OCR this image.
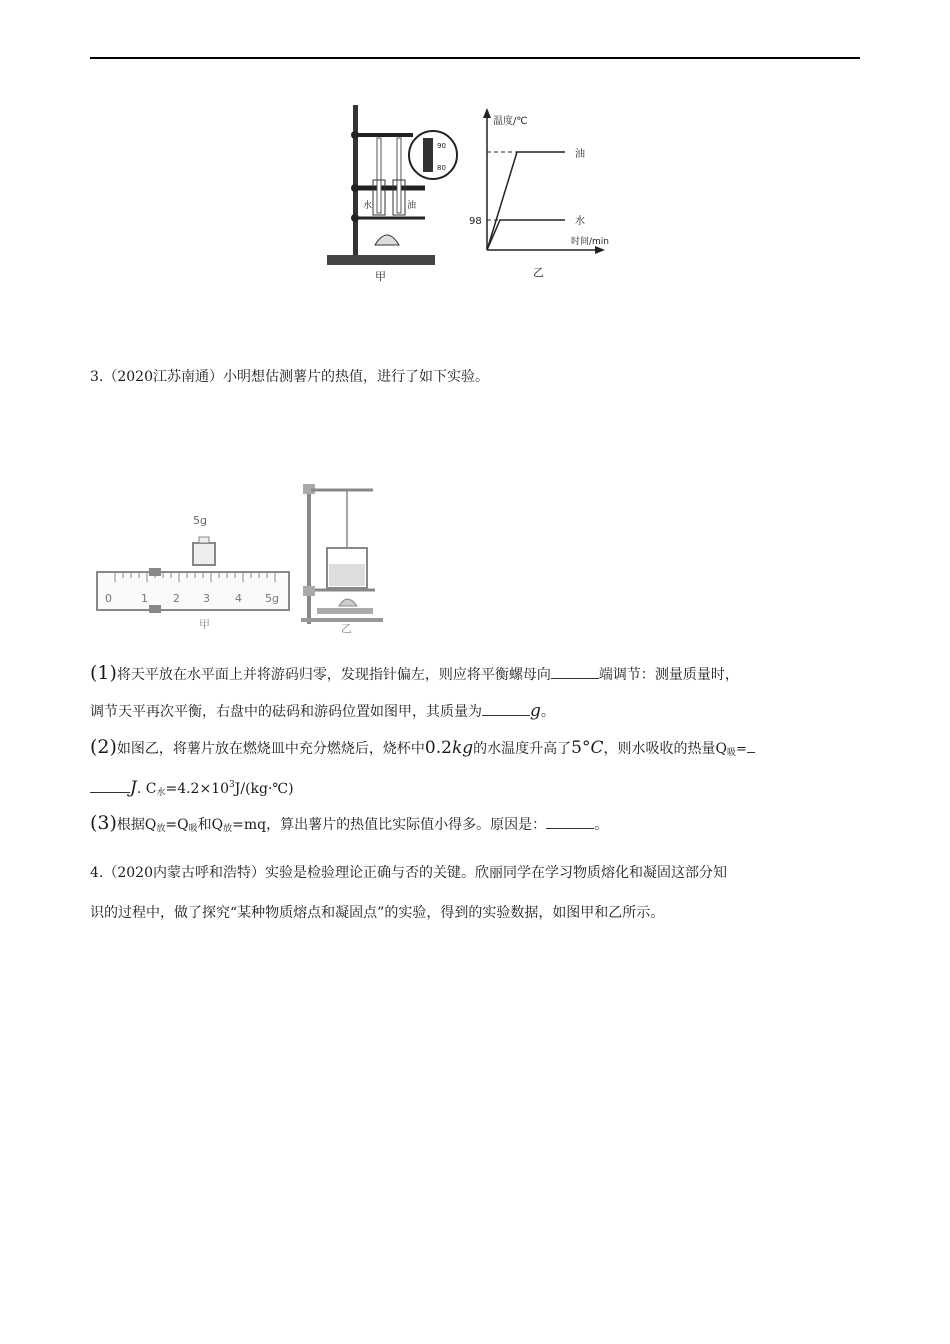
水	油
90
80
甲
温度/℃
时间/min
98
油
水
乙
3.（2020江苏南通）小明想估测薯片的热值，进行了如下实验。
5g
0	1 2 3 4 5g
甲	乙
(1)将天平放在水平面上并将游码归零，发现指针偏左，则应将平衡螺母向	端调节：测量质量时，
调节天平再次平衡，右盘中的砝码和游码位置如图甲，其质量为	g。
(2)如图乙，将薯片放在燃烧皿中充分燃烧后，烧杯中0.2kg的水温度升高了5°C，则水吸收的热量$Q_吸=$
J. $C_水=4.2\times 10^3J/(kg\cdot℃)$
(3)根据$Q_放=Q_吸$和$Q_放=mq$，算出薯片的热值比实际值小得多。原因是：	。
4.（2020内蒙古呼和浩特）实验是检验理论正确与否的关键。欣丽同学在学习物质熔化和凝固这部分知
识的过程中，做了探究“某种物质熔点和凝固点”的实验，得到的实验数据，如图甲和乙所示。
